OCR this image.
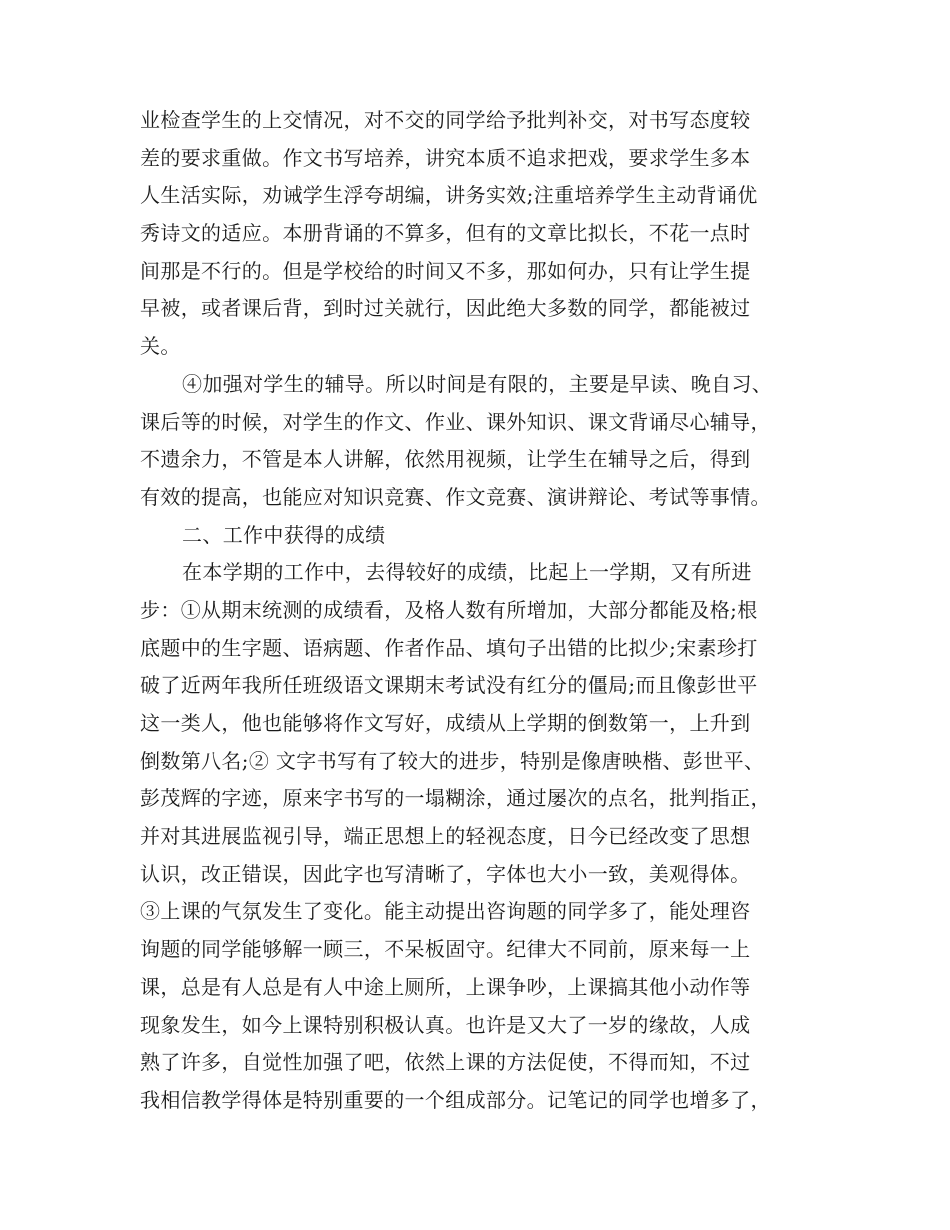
业检查学生的上交情况，对不交的同学给予批判补交，对书写态度较
差的要求重做。作文书写培养，讲究本质不追求把戏，要求学生多本
人生活实际，劝诫学生浮夸胡编，讲务实效;注重培养学生主动背诵优
秀诗文的适应。本册背诵的不算多，但有的文章比拟长，不花一点时
间那是不行的。但是学校给的时间又不多，那如何办，只有让学生提
早被，或者课后背，到时过关就行，因此绝大多数的同学，都能被过
关。
④加强对学生的辅导。所以时间是有限的，主要是早读、晚自习、
课后等的时候，对学生的作文、作业、课外知识、课文背诵尽心辅导，
不遗余力，不管是本人讲解，依然用视频，让学生在辅导之后，得到
有效的提高，也能应对知识竞赛、作文竞赛、演讲辩论、考试等事情。
二、工作中获得的成绩
在本学期的工作中，去得较好的成绩，比起上一学期，又有所进
步：①从期末统测的成绩看，及格人数有所增加，大部分都能及格;根
底题中的生字题、语病题、作者作品、填句子出错的比拟少;宋素珍打
破了近两年我所任班级语文课期末考试没有红分的僵局;而且像彭世平
这一类人，他也能够将作文写好，成绩从上学期的倒数第一，上升到
倒数第八名;② 文字书写有了较大的进步，特别是像唐映楷、彭世平、
彭茂辉的字迹，原来字书写的一塌糊涂，通过屡次的点名，批判指正，
并对其进展监视引导，端正思想上的轻视态度，日今已经改变了思想
认识，改正错误，因此字也写清晰了，字体也大小一致，美观得体。
③上课的气氛发生了变化。能主动提出咨询题的同学多了，能处理咨
询题的同学能够解一顾三，不呆板固守。纪律大不同前，原来每一上
课，总是有人总是有人中途上厕所，上课争吵，上课搞其他小动作等
现象发生，如今上课特别积极认真。也许是又大了一岁的缘故，人成
熟了许多，自觉性加强了吧，依然上课的方法促使，不得而知，不过
我相信教学得体是特别重要的一个组成部分。记笔记的同学也增多了，
